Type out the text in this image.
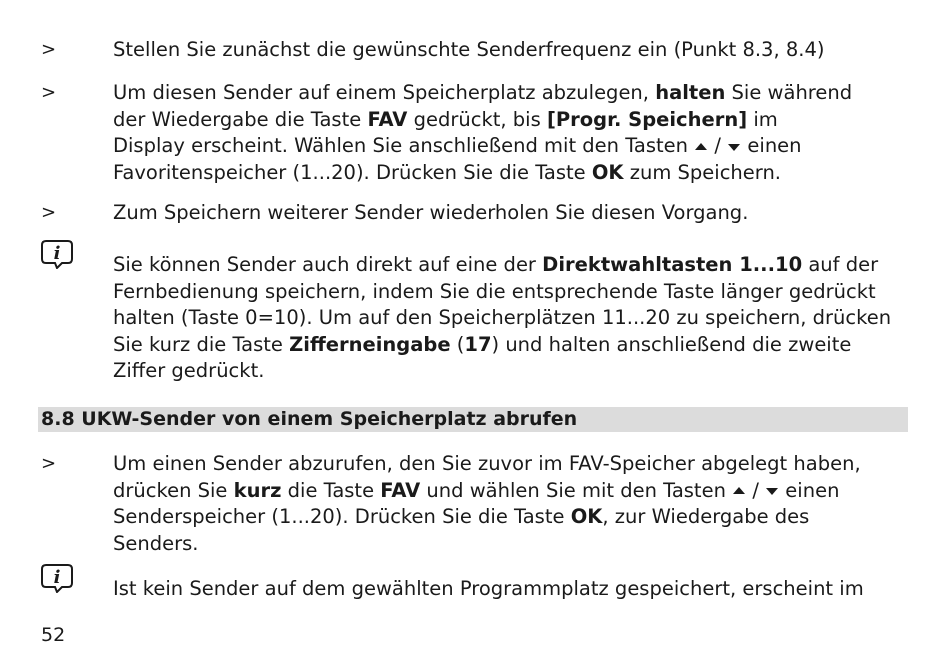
>	Stellen Sie zunächst die gewünschte Senderfrequenz ein (Punkt 8.3, 8.4)
>	Um diesen Sender auf einem Speicherplatz abzulegen, halten Sie während
der Wiedergabe die Taste FAV gedrückt, bis [Progr. Speichern] im
Display erscheint. Wählen Sie anschließend mit den Tasten  /  einen
Favoritenspeicher (1...20). Drücken Sie die Taste OK zum Speichern.
>	Zum Speichern weiterer Sender wiederholen Sie diesen Vorgang.
i	Sie können Sender auch direkt auf eine der Direktwahltasten 1...10 auf der
Fernbedienung speichern, indem Sie die entsprechende Taste länger gedrückt
halten (Taste 0=10). Um auf den Speicherplätzen 11...20 zu speichern, drücken
Sie kurz die Taste Zifferneingabe (17) und halten anschließend die zweite
Ziffer gedrückt.
8.8 UKW-Sender von einem Speicherplatz abrufen
>	Um einen Sender abzurufen, den Sie zuvor im FAV-Speicher abgelegt haben,
drücken Sie kurz die Taste FAV und wählen Sie mit den Tasten  /  einen
Senderspeicher (1...20). Drücken Sie die Taste OK, zur Wiedergabe des
Senders.
i	Ist kein Sender auf dem gewählten Programmplatz gespeichert, erscheint im
52
